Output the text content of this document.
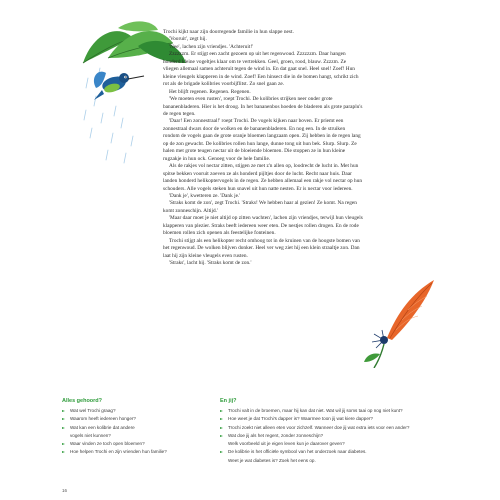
Trochi kijkt naar zijn doorregende familie in hun slappe nest.

'Vooruit', zegt hij.

'Nee', lachen zijn vriendjes. 'Achteruit!'

Zzzzzzm. Er stijgt een zacht gezoem op uit het regenwoud. Zzzzzzm. Daar hangen honderd kleine vogeltjes klaar om te vertrekken. Geel, groen, rood, blauw. Zzzzm. Ze vliegen allemaal samen achteruit tegen de wind in. En dat gaat snel. Heel snel! Zoef! Hun kleine vleugels klapperen in de wind. Zoef! Een hinsect die in de bomen hangt, schrikt zich rot als de brigade kolibries voorbijflitst. Zo snel gaan ze.

Het blijft regenen. Regenen. Regenen.

'We moeten even rusten', roept Trochi. De kolibries strijken neer onder grote bananenbladeren. Hier is het droog. In het bananenbos hoeden de bladeren als grote paraplu's de regen tegen.

'Daar! Een zonnestraal!' roept Trochi. De vogels kijken naar boven. Er priemt een zonnestraal dwars door de wolken en de bananenbladeren. En nog een. In de struiken rondom de vogels gaan de grote oranje bloemen langzaam open. Zij hebben in de regen lang op de zon gewacht. De kolibries rollen hun lange, dunne tong uit hun bek. Slurp. Slurp. Ze halen met grote teugen nectar uit de bloeiende bloemen. Die stoppen ze in hun kleine rugzakje in hun ock. Genoeg voor de hele familie.

Als de rakjes vol nectar zitten, stijgen ze met z'n allen op, loodrecht de lucht in. Met hun spitse bekken vooruit zoeven ze als honderd pijltjes door de lucht. Recht naar huis. Daar landen honderd helikoptervogels in de regen. Ze hebben allemaal een rakje vol nectar op hun schouders. Alle vogels steken hun snavel uit hun natte nesten. Er is nectar voor iedereen.

'Dank je', kwetteren ze. 'Dank je.'

'Straks komt de zon', zegt Trochi. 'Straks! We hebben haar al gezien! Ze komt. Na regen komt zonneschijn. Altijd.'

'Maar daar moet je niet altijd op zitten wachten', lachen zijn vriendjes, terwijl hun vleugels klapperen van plezier. Straks beeft iedereen weer eten. De nestjes rollen drogen. En de rode bloemen rollen zich openen als feestelijke fonteinen.

Trochi stijgt als een helikopter recht omhoog tot in de kruinen van de hoogste bomen van het regenwoud. De wolken blijven donker. Heel ver weg ziet hij een klein straaltje zon. Dan laat hij zijn kleine vleugels even rusten.

'Straks', lacht hij. 'Straks komt de zon.'

Alles gehoord?
Wat wel Trochi graag?
Waarom heeft iedereen honger?
Wat kan een kolibrie dat andere
vogels niet kunnen?
Waar vinden ze toch open bloemen?
Hoe helpen Trochi en zijn vrienden hun familie?
En jij?
Trochi valt in de broemen, maar hij kan dat niet. Wat wil jij soms taai op nog niet kunt?
Hoe weet je dat Trochi's dapper is? Waarmee toon jij wat kiere dapper?
Trochi zoekt niet alleen eten voor zichzelf. Wanneer doe jij wat extra iets voor een ander?
Wat doe jij als het regent, zonder zonneschijn?
Welk voorbeeld uit je eigen leven kun je daarover geven?
De kolibrie is het officiële symbool van het onderzoek naar diabetes.
Weet je wat diabetes is? Zoek het eens op.
16
